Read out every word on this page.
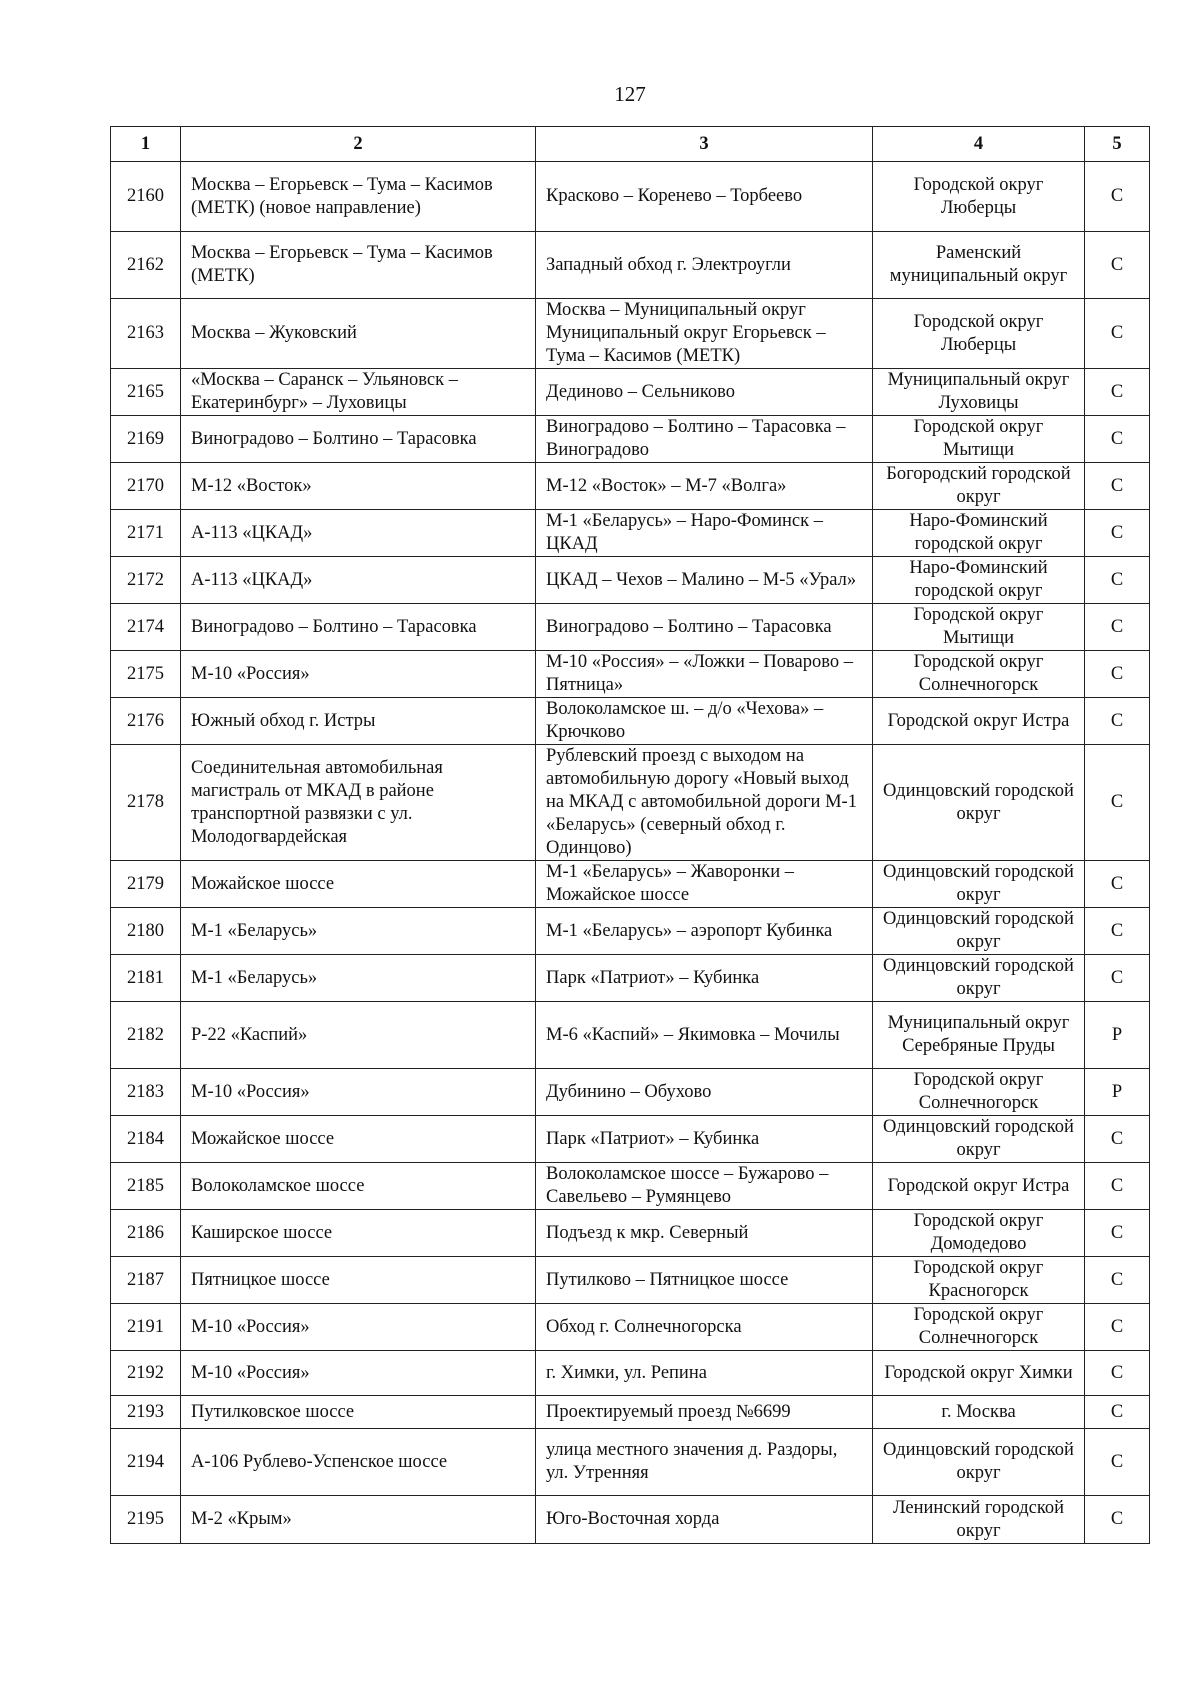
127
1	2	3	4	5
2160	Москва – Егорьевск – Тума – Касимов (МЕТК) (новое направление)	Красково – Коренево – Торбеево	Городской округ Люберцы	С
2162	Москва – Егорьевск – Тума – Касимов (МЕТК)	Западный обход г. Электроугли	Раменский муниципальный округ	С
2163	Москва – Жуковский	Москва – Муниципальный округ Муниципальный округ Егорьевск – Тума – Касимов (МЕТК)	Городской округ Люберцы	С
2165	«Москва – Саранск – Ульяновск – Екатеринбург» – Луховицы	Дединово – Сельниково	Муниципальный округ Луховицы	С
2169	Виноградово – Болтино – Тарасовка	Виноградово – Болтино – Тарасовка – Виноградово	Городской округ Мытищи	С
2170	М-12 «Восток»	М-12 «Восток» – М-7 «Волга»	Богородский городской округ	С
2171	А-113 «ЦКАД»	М-1 «Беларусь» – Наро-Фоминск – ЦКАД	Наро-Фоминский городской округ	С
2172	А-113 «ЦКАД»	ЦКАД – Чехов – Малино – М-5 «Урал»	Наро-Фоминский городской округ	С
2174	Виноградово – Болтино – Тарасовка	Виноградово – Болтино – Тарасовка	Городской округ Мытищи	С
2175	М-10 «Россия»	М-10 «Россия» – «Ложки – Поварово – Пятница»	Городской округ Солнечногорск	С
2176	Южный обход г. Истры	Волоколамское ш. – д/о «Чехова» – Крючково	Городской округ Истра	С
2178	Соединительная автомобильная магистраль от МКАД в районе транспортной развязки с ул. Молодогвардейская	Рублевский проезд с выходом на автомобильную дорогу «Новый выход на МКАД с автомобильной дороги М-1 «Беларусь» (северный обход г. Одинцово)	Одинцовский городской округ	С
2179	Можайское шоссе	М-1 «Беларусь» – Жаворонки – Можайское шоссе	Одинцовский городской округ	С
2180	М-1 «Беларусь»	М-1 «Беларусь» – аэропорт Кубинка	Одинцовский городской округ	С
2181	М-1 «Беларусь»	Парк «Патриот» – Кубинка	Одинцовский городской округ	С
2182	Р-22 «Каспий»	М-6 «Каспий» – Якимовка – Мочилы	Муниципальный округ Серебряные Пруды	Р
2183	М-10 «Россия»	Дубинино – Обухово	Городской округ Солнечногорск	Р
2184	Можайское шоссе	Парк «Патриот» – Кубинка	Одинцовский городской округ	С
2185	Волоколамское шоссе	Волоколамское шоссе – Бужарово – Савельево – Румянцево	Городской округ Истра	С
2186	Каширское шоссе	Подъезд к мкр. Северный	Городской округ Домодедово	С
2187	Пятницкое шоссе	Путилково – Пятницкое шоссе	Городской округ Красногорск	С
2191	М-10 «Россия»	Обход г. Солнечногорска	Городской округ Солнечногорск	С
2192	М-10 «Россия»	г. Химки, ул. Репина	Городской округ Химки	С
2193	Путилковское шоссе	Проектируемый проезд №6699	г. Москва	С
2194	А-106 Рублево-Успенское шоссе	улица местного значения д. Раздоры, ул. Утренняя	Одинцовский городской округ	С
2195	М-2 «Крым»	Юго-Восточная хорда	Ленинский городской округ	С
